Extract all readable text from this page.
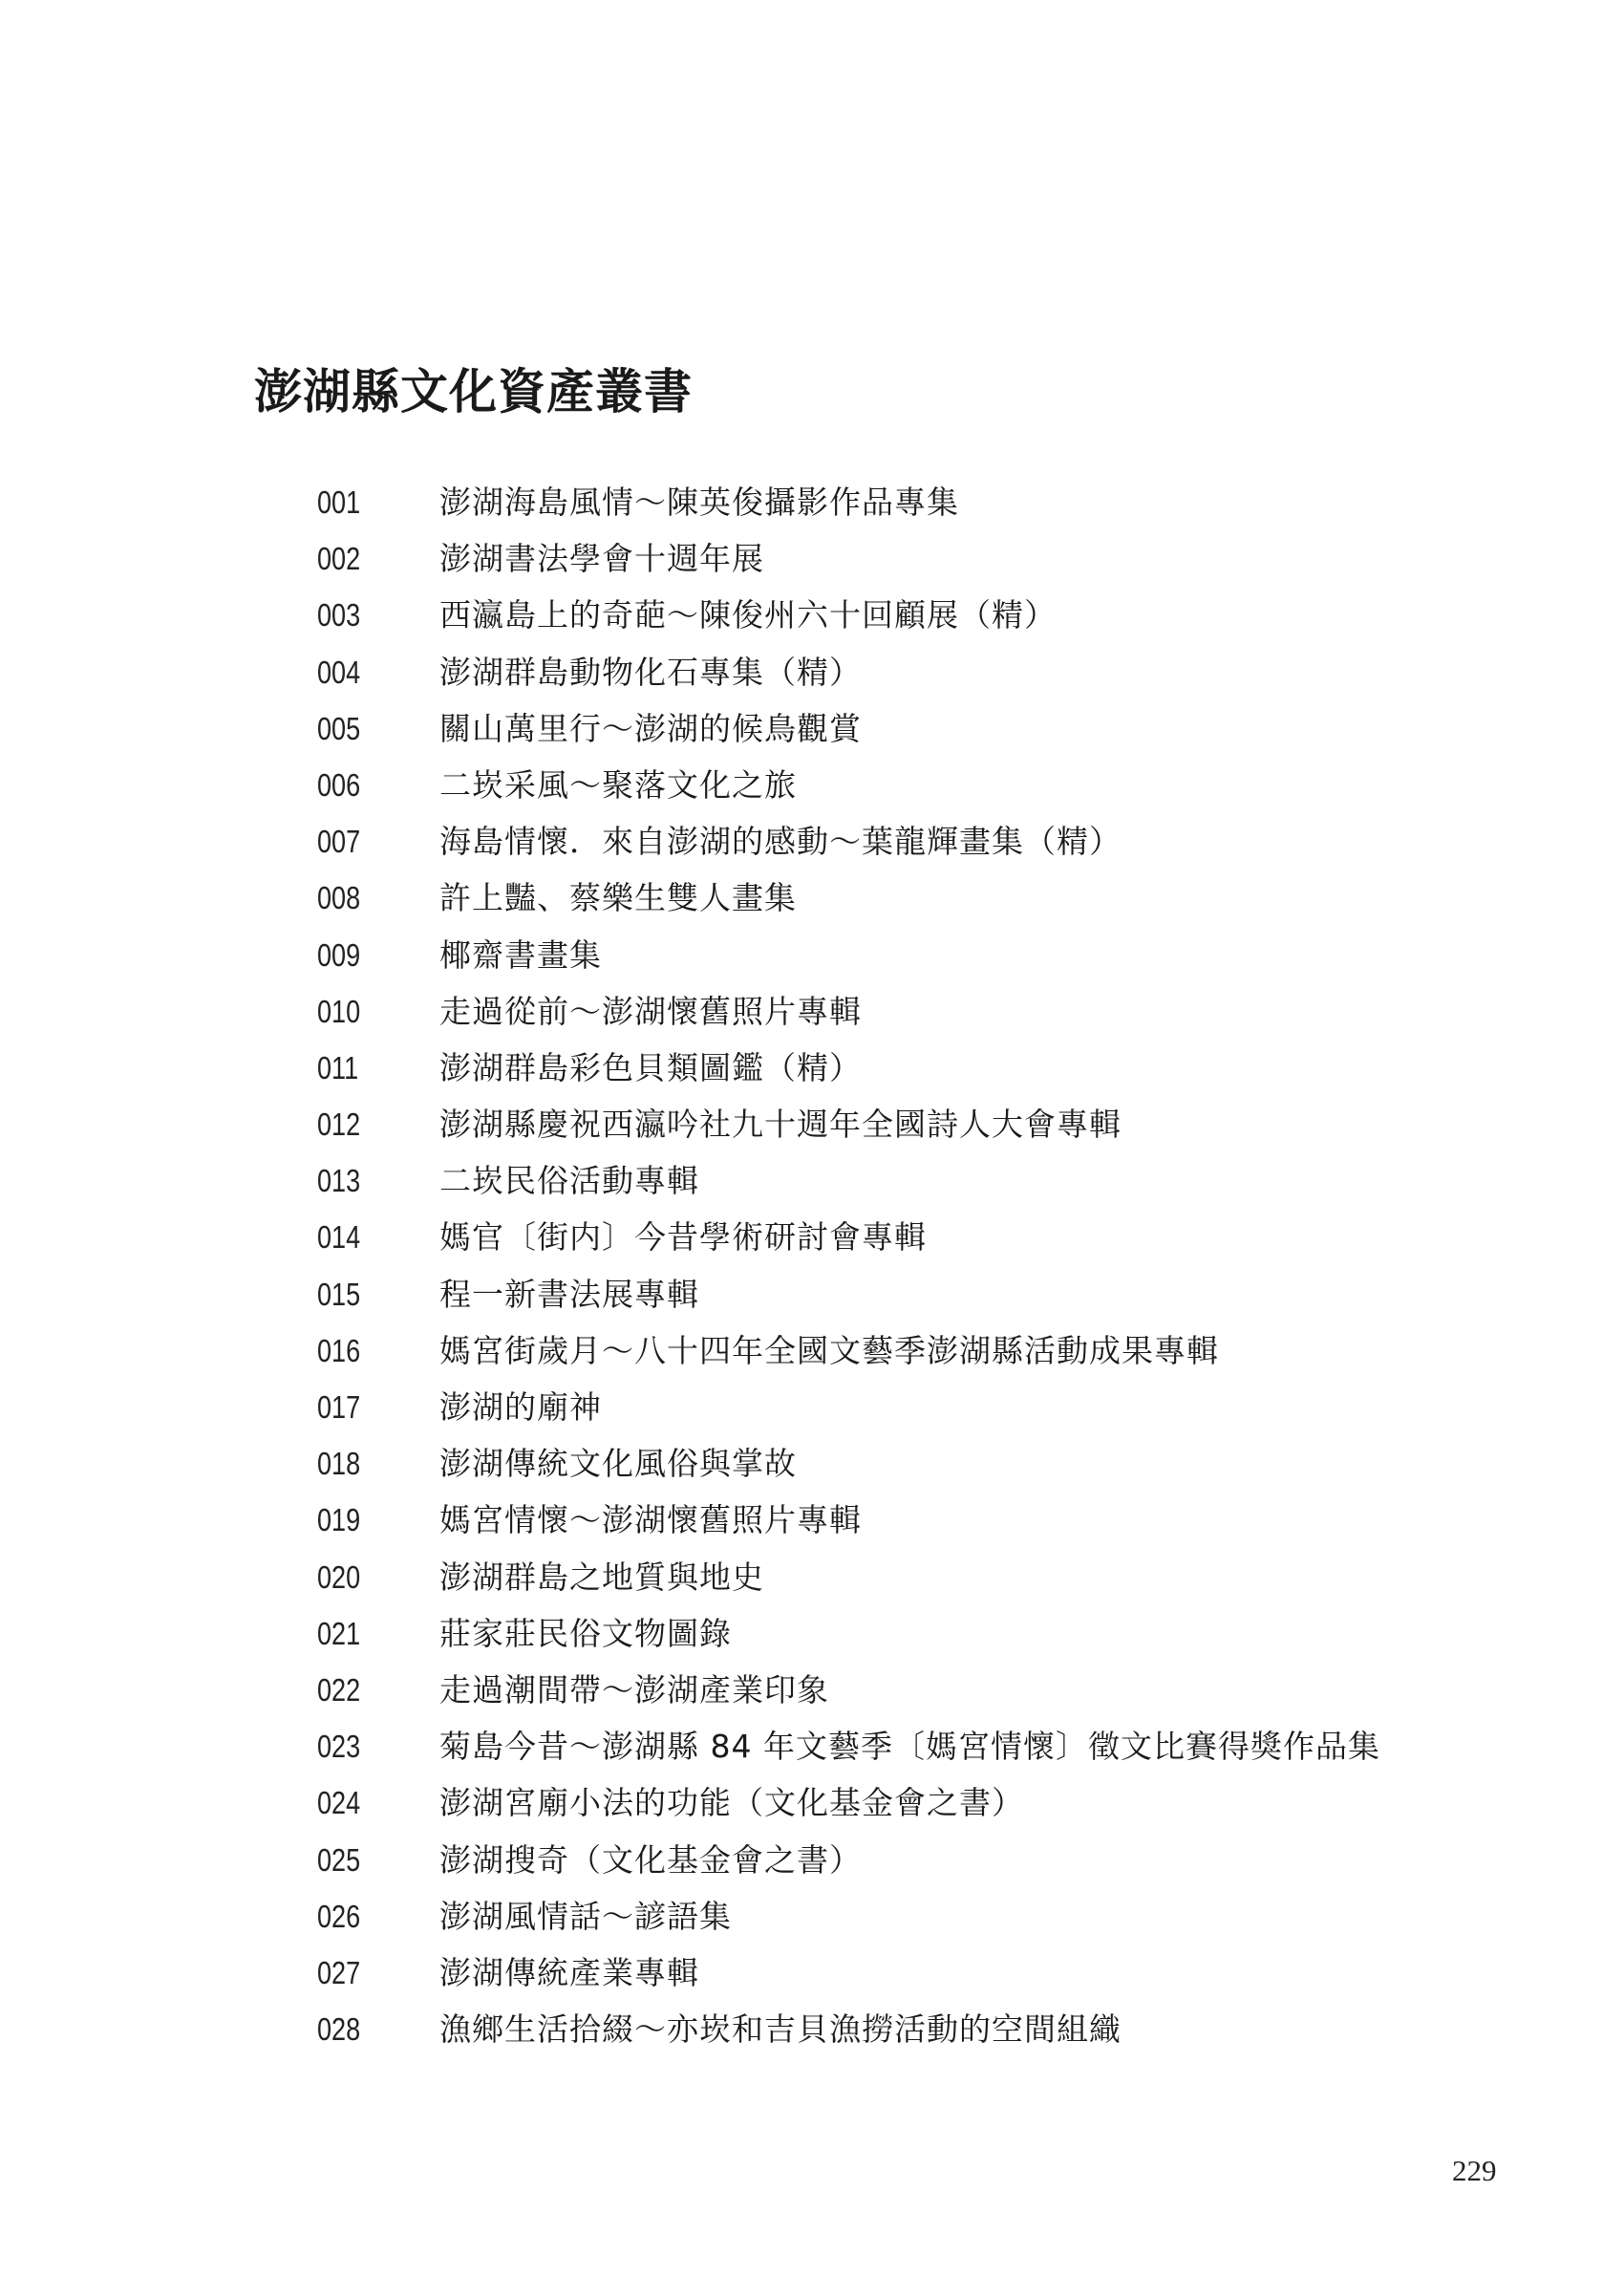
澎湖縣文化資產叢書
001	澎湖海島風情～陳英俊攝影作品專集
002	澎湖書法學會十週年展
003	西瀛島上的奇葩～陳俊州六十回顧展（精）
004	澎湖群島動物化石專集（精）
005	關山萬里行～澎湖的候鳥觀賞
006	二崁采風～聚落文化之旅
007	海島情懷．來自澎湖的感動～葉龍輝畫集（精）
008	許上豔、蔡樂生雙人畫集
009	椰齋書畫集
010	走過從前～澎湖懷舊照片專輯
011	澎湖群島彩色貝類圖鑑（精）
012	澎湖縣慶祝西瀛吟社九十週年全國詩人大會專輯
013	二崁民俗活動專輯
014	媽官〔街内〕今昔學術研討會專輯
015	程一新書法展專輯
016	媽宮街歲月～八十四年全國文藝季澎湖縣活動成果專輯
017	澎湖的廟神
018	澎湖傳統文化風俗與掌故
019	媽宮情懷～澎湖懷舊照片專輯
020	澎湖群島之地質與地史
021	莊家莊民俗文物圖錄
022	走過潮間帶～澎湖產業印象
023	菊島今昔～澎湖縣 84 年文藝季〔媽宮情懷〕徵文比賽得獎作品集
024	澎湖宮廟小法的功能（文化基金會之書）
025	澎湖搜奇（文化基金會之書）
026	澎湖風情話～諺語集
027	澎湖傳統產業專輯
028	漁鄉生活拾綴～亦崁和吉貝漁撈活動的空間組織
229
